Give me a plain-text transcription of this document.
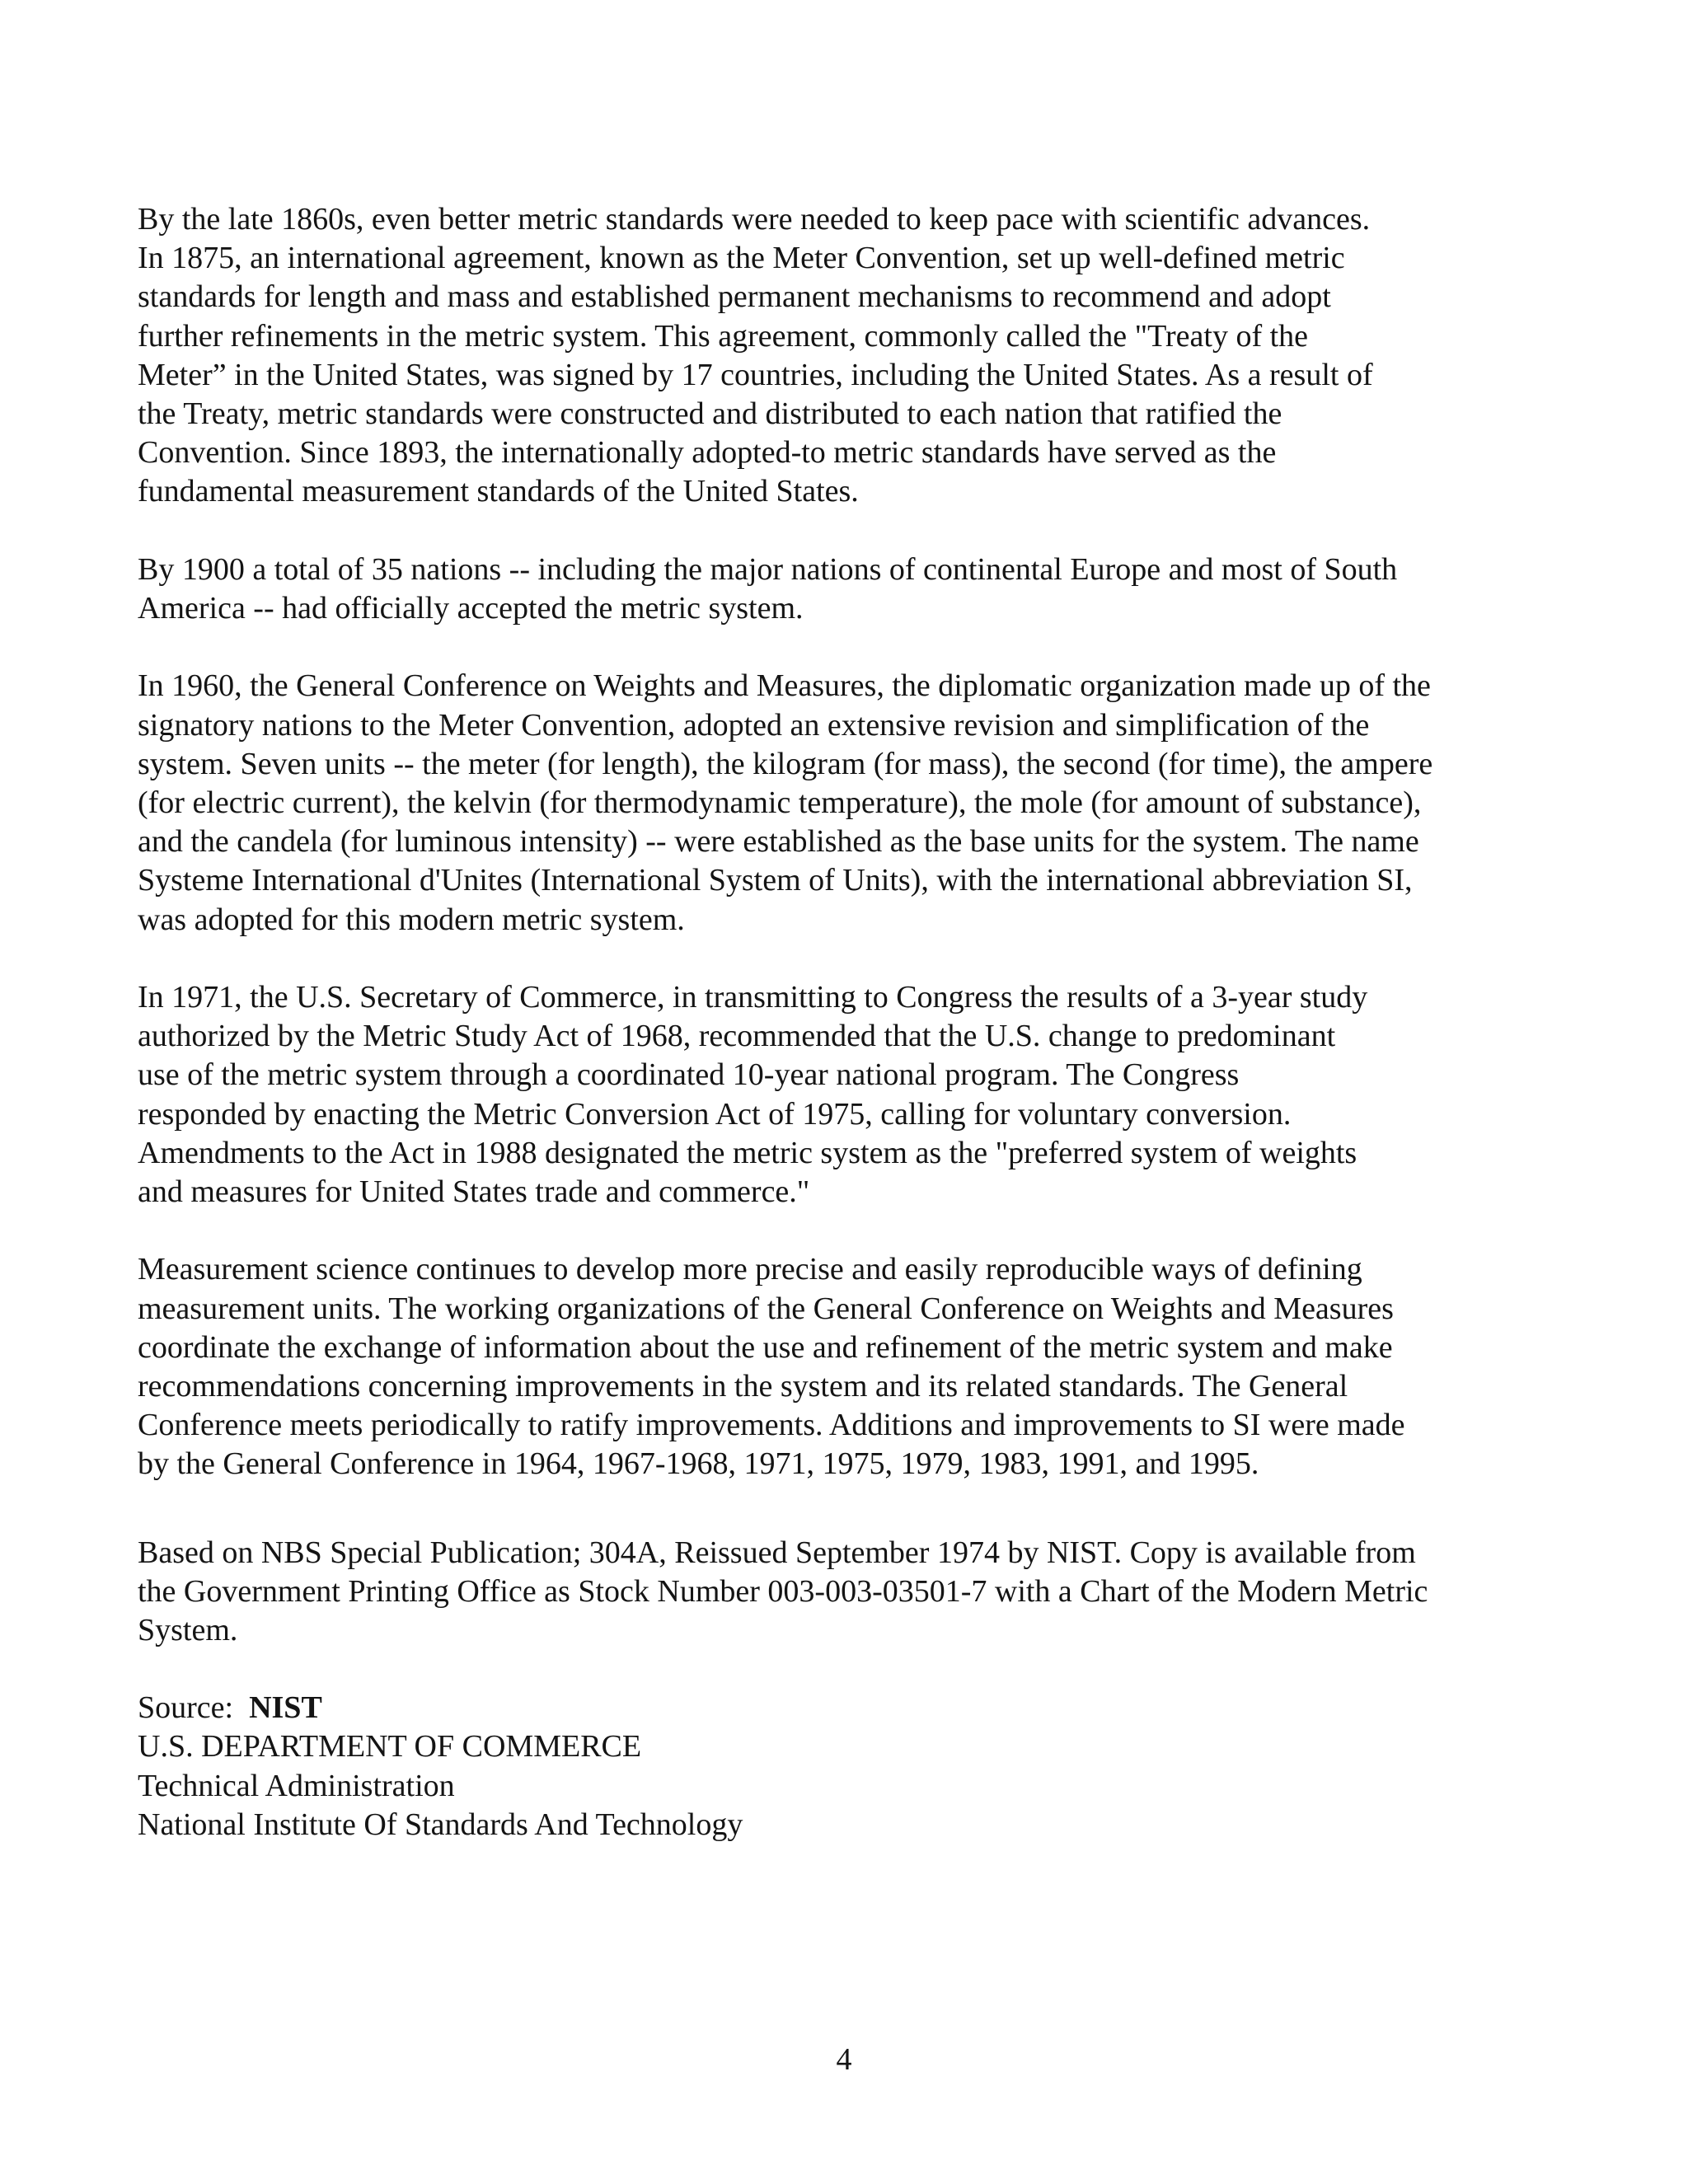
By the late 1860s, even better metric standards were needed to keep pace with scientific advances.
In 1875, an international agreement, known as the Meter Convention, set up well-defined metric
standards for length and mass and established permanent mechanisms to recommend and adopt
further refinements in the metric system. This agreement, commonly called the "Treaty of the
Meter” in the United States, was signed by 17 countries, including the United States. As a result of
the Treaty, metric standards were constructed and distributed to each nation that ratified the
Convention. Since 1893, the internationally adopted-to metric standards have served as the
fundamental measurement standards of the United States.
By 1900 a total of 35 nations -- including the major nations of continental Europe and most of South
America -- had officially accepted the metric system.
In 1960, the General Conference on Weights and Measures, the diplomatic organization made up of the
signatory nations to the Meter Convention, adopted an extensive revision and simplification of the
system. Seven units -- the meter (for length), the kilogram (for mass), the second (for time), the ampere
(for electric current), the kelvin (for thermodynamic temperature), the mole (for amount of substance),
and the candela (for luminous intensity) -- were established as the base units for the system. The name
Systeme International d'Unites (International System of Units), with the international abbreviation SI,
was adopted for this modern metric system.
In 1971, the U.S. Secretary of Commerce, in transmitting to Congress the results of a 3-year study
authorized by the Metric Study Act of 1968, recommended that the U.S. change to predominant
use of the metric system through a coordinated 10-year national program. The Congress
responded by enacting the Metric Conversion Act of 1975, calling for voluntary conversion.
Amendments to the Act in 1988 designated the metric system as the "preferred system of weights
and measures for United States trade and commerce."
Measurement science continues to develop more precise and easily reproducible ways of defining
measurement units. The working organizations of the General Conference on Weights and Measures
coordinate the exchange of information about the use and refinement of the metric system and make
recommendations concerning improvements in the system and its related standards. The General
Conference meets periodically to ratify improvements. Additions and improvements to SI were made
by the General Conference in 1964, 1967-1968, 1971, 1975, 1979, 1983, 1991, and 1995.
Based on NBS Special Publication; 304A, Reissued September 1974 by NIST. Copy is available from
the Government Printing Office as Stock Number 003-003-03501-7 with a Chart of the Modern Metric
System.
Source: NIST
U.S. DEPARTMENT OF COMMERCE
Technical Administration
National Institute Of Standards And Technology
4
